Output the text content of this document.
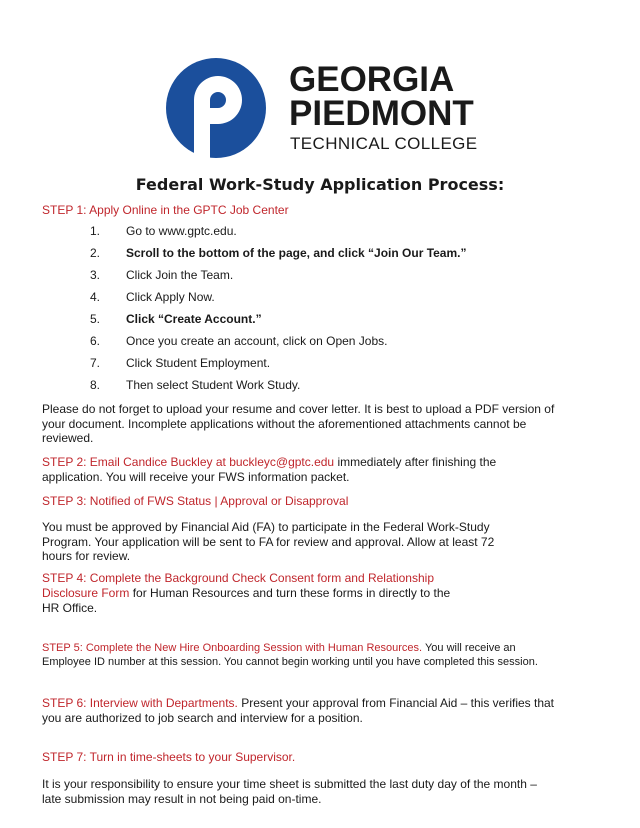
GEORGIA
PIEDMONT
TECHNICAL COLLEGE
Federal Work-Study Application Process:
STEP 1: Apply Online in the GPTC Job Center
1.	Go to www.gptc.edu.
2.	Scroll to the bottom of the page, and click “Join Our Team.”
3.	Click Join the Team.
4.	Click Apply Now.
5.	Click “Create Account.”
6.	Once you create an account, click on Open Jobs.
7.	Click Student Employment.
8.	Then select Student Work Study.
Please do not forget to upload your resume and cover letter. It is best to upload a PDF version of your document. Incomplete applications without the aforementioned attachments cannot be reviewed.
STEP 2: Email Candice Buckley at buckleyc@gptc.edu immediately after finishing the application. You will receive your FWS information packet.
STEP 3: Notified of FWS Status | Approval or Disapproval
You must be approved by Financial Aid (FA) to participate in the Federal Work-Study
Program. Your application will be sent to FA for review and approval. Allow at least 72
hours for review.
STEP 4: Complete the Background Check Consent form and Relationship
Disclosure Form for Human Resources and turn these forms in directly to the
HR Office.
STEP 5: Complete the New Hire Onboarding Session with Human Resources. You will receive an Employee ID number at this session. You cannot begin working until you have completed this session.
STEP 6: Interview with Departments. Present your approval from Financial Aid – this verifies that you are authorized to job search and interview for a position.
STEP 7: Turn in time-sheets to your Supervisor.
It is your responsibility to ensure your time sheet is submitted the last duty day of the month – late submission may result in not being paid on-time.
